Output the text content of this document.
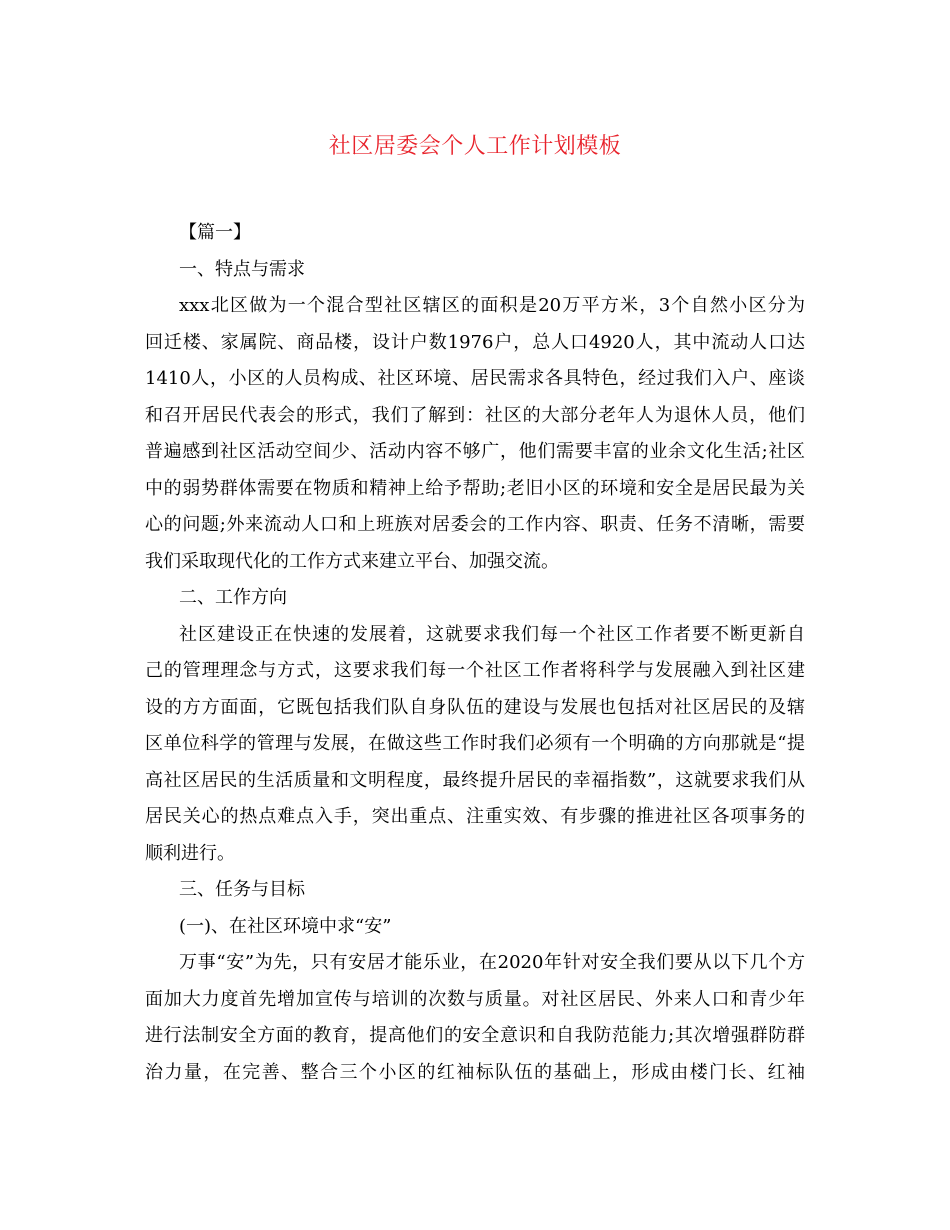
社区居委会个人工作计划模板

【篇一】

一、特点与需求

xxx北区做为一个混合型社区辖区的面积是20万平方米，3个自然小区分为
回迁楼、家属院、商品楼，设计户数1976户，总人口4920人，其中流动人口达
1410人，小区的人员构成、社区环境、居民需求各具特色，经过我们入户、座谈
和召开居民代表会的形式，我们了解到：社区的大部分老年人为退休人员，他们
普遍感到社区活动空间少、活动内容不够广，他们需要丰富的业余文化生活;社区
中的弱势群体需要在物质和精神上给予帮助;老旧小区的环境和安全是居民最为关
心的问题;外来流动人口和上班族对居委会的工作内容、职责、任务不清晰，需要
我们采取现代化的工作方式来建立平台、加强交流。

二、工作方向

社区建设正在快速的发展着，这就要求我们每一个社区工作者要不断更新自
己的管理理念与方式，这要求我们每一个社区工作者将科学与发展融入到社区建
设的方方面面，它既包括我们队自身队伍的建设与发展也包括对社区居民的及辖
区单位科学的管理与发展，在做这些工作时我们必须有一个明确的方向那就是“提
高社区居民的生活质量和文明程度，最终提升居民的幸福指数”，这就要求我们从
居民关心的热点难点入手，突出重点、注重实效、有步骤的推进社区各项事务的
顺利进行。

三、任务与目标

(一)、在社区环境中求“安”

万事“安”为先，只有安居才能乐业，在2020年针对安全我们要从以下几个方
面加大力度首先增加宣传与培训的次数与质量。对社区居民、外来人口和青少年
进行法制安全方面的教育，提高他们的安全意识和自我防范能力;其次增强群防群
治力量，在完善、整合三个小区的红袖标队伍的基础上，形成由楼门长、红袖
